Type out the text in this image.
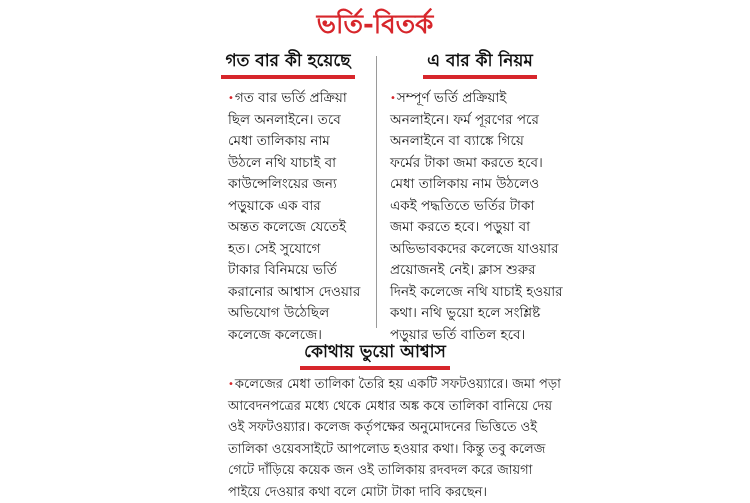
ভর্তি-বিতর্ক
গত বার কী হয়েছে
•গত বার ভর্তি প্রক্রিয়া
ছিল অনলাইনে। তবে
মেধা তালিকায় নাম
উঠলে নথি যাচাই বা
কাউন্সেলিংয়ের জন্য
পড়ুয়াকে এক বার
অন্তত কলেজে যেতেই
হত। সেই সুযোগে
টাকার বিনিময়ে ভর্তি
করানোর আশ্বাস দেওয়ার
অভিযোগ উঠেছিল
কলেজে কলেজে।
এ বার কী নিয়ম
•সম্পূর্ণ ভর্তি প্রক্রিয়াই
অনলাইনে। ফর্ম পূরণের পরে
অনলাইনে বা ব্যাঙ্কে গিয়ে
ফর্মের টাকা জমা করতে হবে।
মেধা তালিকায় নাম উঠলেও
একই পদ্ধতিতে ভর্তির টাকা
জমা করতে হবে। পড়ুয়া বা
অভিভাবকদের কলেজে যাওয়ার
প্রয়োজনই নেই। ক্লাস শুরুর
দিনই কলেজে নথি যাচাই হওয়ার
কথা। নথি ভুয়ো হলে সংশ্লিষ্ট
পড়ুয়ার ভর্তি বাতিল হবে।
কোথায় ভুয়ো আশ্বাস
•কলেজের মেধা তালিকা তৈরি হয় একটি সফটওয়্যারে। জমা পড়া
আবেদনপত্রের মধ্যে থেকে মেধার অঙ্ক কষে তালিকা বানিয়ে দেয়
ওই সফটওয়্যার। কলেজ কর্তৃপক্ষের অনুমোদনের ভিত্তিতে ওই
তালিকা ওয়েবসাইটে আপলোড হওয়ার কথা। কিন্তু তবু কলেজ
গেটে দাঁড়িয়ে কয়েক জন ওই তালিকায় রদবদল করে জায়গা
পাইয়ে দেওয়ার কথা বলে মোটা টাকা দাবি করছেন।
